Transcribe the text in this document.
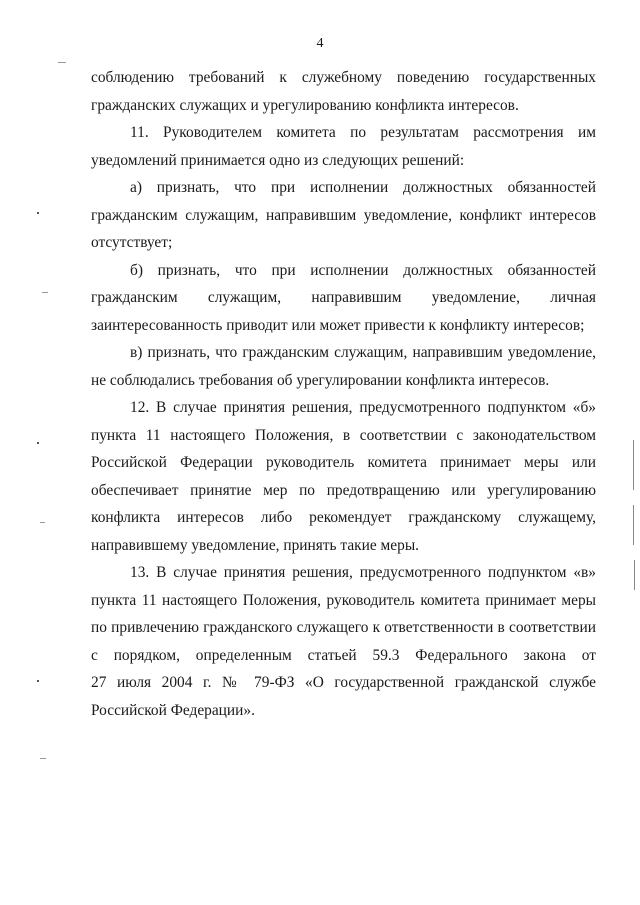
4
соблюдению требований к служебному поведению государственных
гражданских служащих и урегулированию конфликта интересов.
11. Руководителем комитета по результатам рассмотрения им
уведомлений принимается одно из следующих решений:
а) признать, что при исполнении должностных обязанностей
гражданским служащим, направившим уведомление, конфликт интересов
отсутствует;
б) признать, что при исполнении должностных обязанностей
гражданским служащим, направившим уведомление, личная
заинтересованность приводит или может привести к конфликту интересов;
в) признать, что гражданским служащим, направившим уведомление,
не соблюдались требования об урегулировании конфликта интересов.
12. В случае принятия решения, предусмотренного подпунктом «б»
пункта 11 настоящего Положения, в соответствии с законодательством
Российской Федерации руководитель комитета принимает меры или
обеспечивает принятие мер по предотвращению или урегулированию
конфликта интересов либо рекомендует гражданскому служащему,
направившему уведомление, принять такие меры.
13. В случае принятия решения, предусмотренного подпунктом «в»
пункта 11 настоящего Положения, руководитель комитета принимает меры
по привлечению гражданского служащего к ответственности в соответствии
с порядком, определенным статьей 59.3 Федерального закона от
27 июля 2004 г. № 79-ФЗ «О государственной гражданской службе
Российской Федерации».
